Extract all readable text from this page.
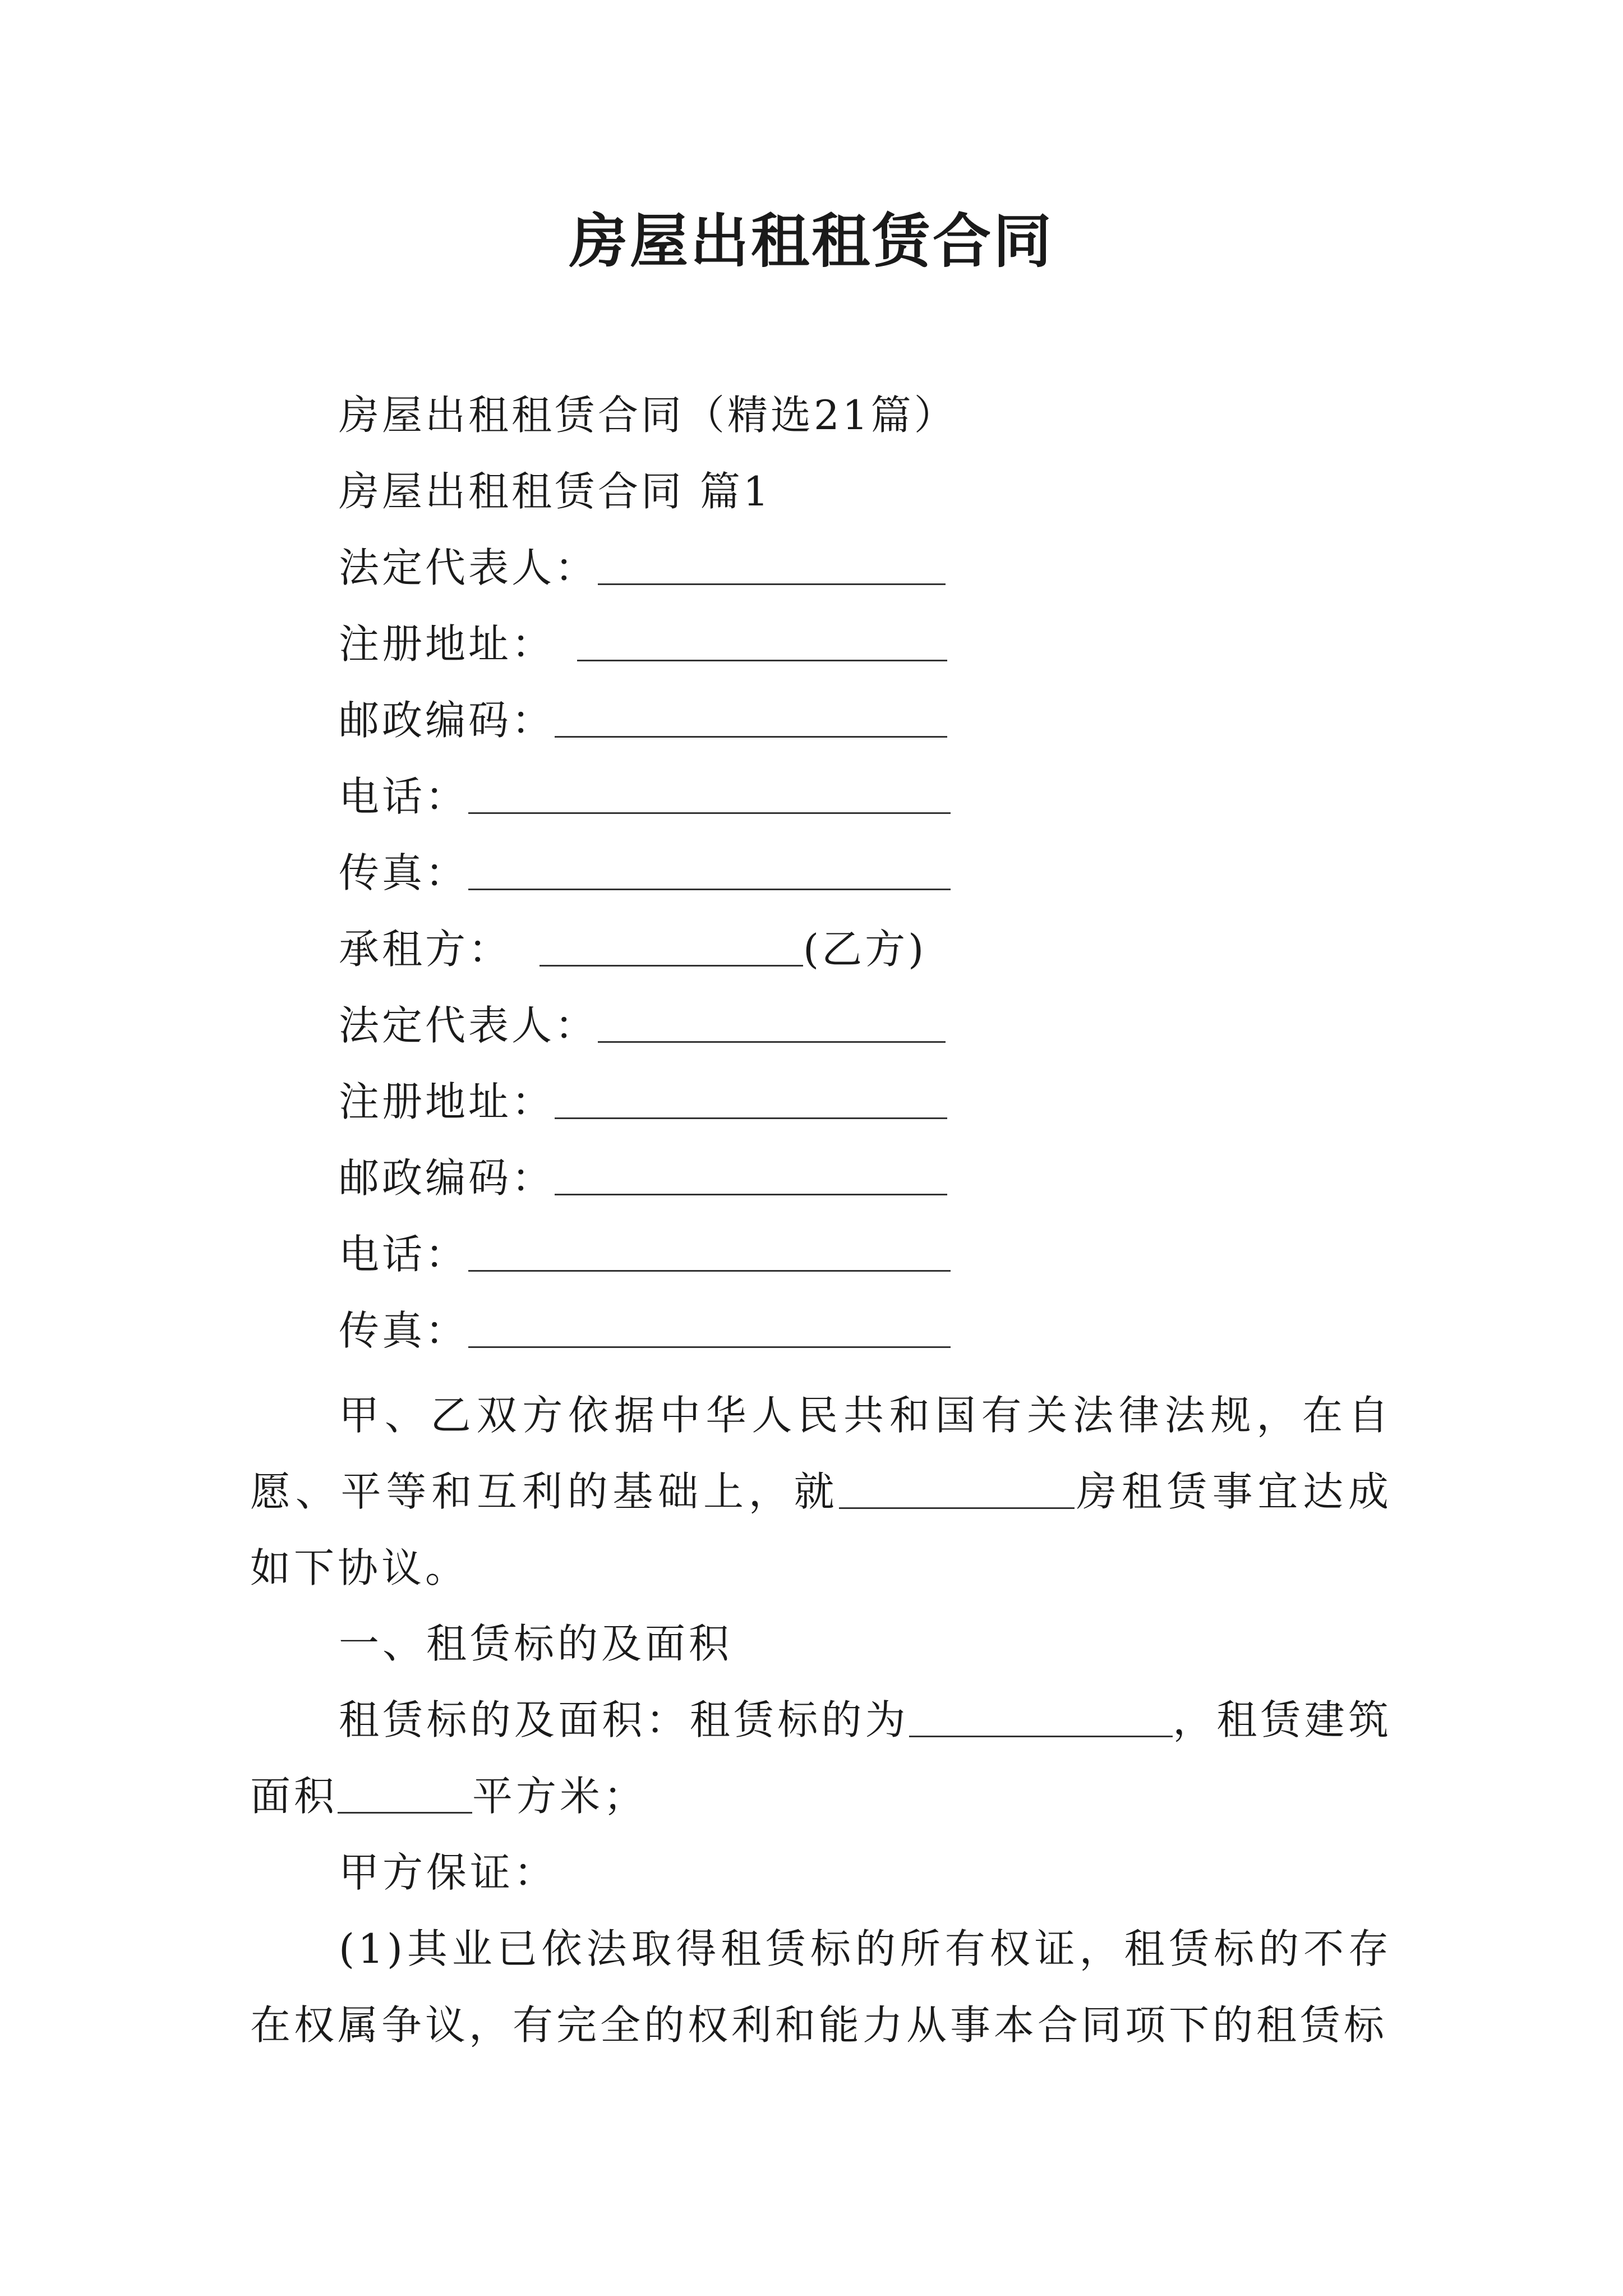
房屋出租租赁合同
房屋出租租赁合同（精选21篇）
房屋出租租赁合同 篇1
法定代表人：
注册地址：
邮政编码：
电话：
传真：
承租方：	(乙方)
法定代表人：
注册地址：
邮政编码：
电话：
传真：
甲、乙双方依据中华人民共和国有关法律法规，在自愿、平等和互利的基础上，就	房租赁事宜达成如下协议。
一、租赁标的及面积
租赁标的及面积：租赁标的为	，租赁建筑面积	平方米；
甲方保证：
(1)其业已依法取得租赁标的所有权证，租赁标的不存在权属争议，有完全的权利和能力从事本合同项下的租赁标
